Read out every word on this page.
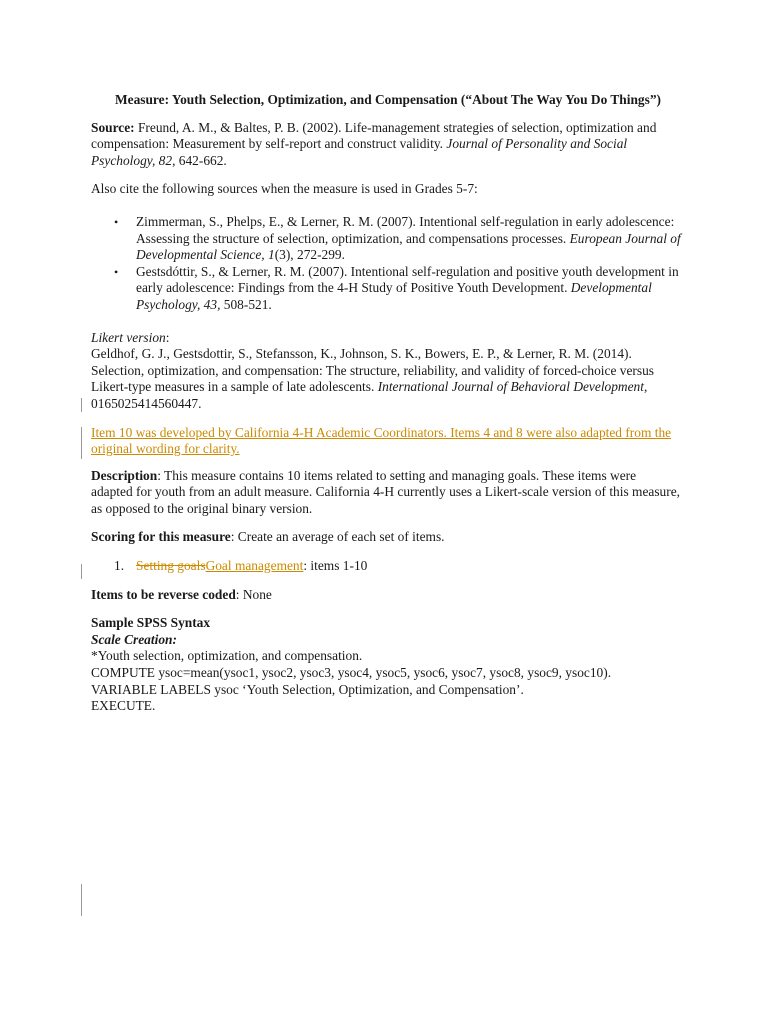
Measure: Youth Selection, Optimization, and Compensation (“About The Way You Do Things”)

Source: Freund, A. M., & Baltes, P. B. (2002). Life-management strategies of selection, optimization and compensation: Measurement by self-report and construct validity. Journal of Personality and Social Psychology, 82, 642-662.

Also cite the following sources when the measure is used in Grades 5-7:

• Zimmerman, S., Phelps, E., & Lerner, R. M. (2007). Intentional self-regulation in early adolescence: Assessing the structure of selection, optimization, and compensations processes. European Journal of Developmental Science, 1(3), 272-299.
• Gestsdóttir, S., & Lerner, R. M. (2007). Intentional self-regulation and positive youth development in early adolescence: Findings from the 4-H Study of Positive Youth Development. Developmental Psychology, 43, 508-521.

Likert version:

Geldhof, G. J., Gestsdottir, S., Stefansson, K., Johnson, S. K., Bowers, E. P., & Lerner, R. M. (2014). Selection, optimization, and compensation: The structure, reliability, and validity of forced-choice versus Likert-type measures in a sample of late adolescents. International Journal of Behavioral Development, 0165025414560447.

Item 10 was developed by California 4-H Academic Coordinators. Items 4 and 8 were also adapted from the original wording for clarity.

Description: This measure contains 10 items related to setting and managing goals. These items were adapted for youth from an adult measure. California 4-H currently uses a Likert-scale version of this measure, as opposed to the original binary version.

Scoring for this measure: Create an average of each set of items.

1. Setting goalsGoal management: items 1-10

Items to be reverse coded: None

Sample SPSS Syntax

Scale Creation:

*Youth selection, optimization, and compensation.

COMPUTE ysoc=mean(ysoc1, ysoc2, ysoc3, ysoc4, ysoc5, ysoc6, ysoc7, ysoc8, ysoc9, ysoc10).

VARIABLE LABELS ysoc ‘Youth Selection, Optimization, and Compensation’.

EXECUTE.
